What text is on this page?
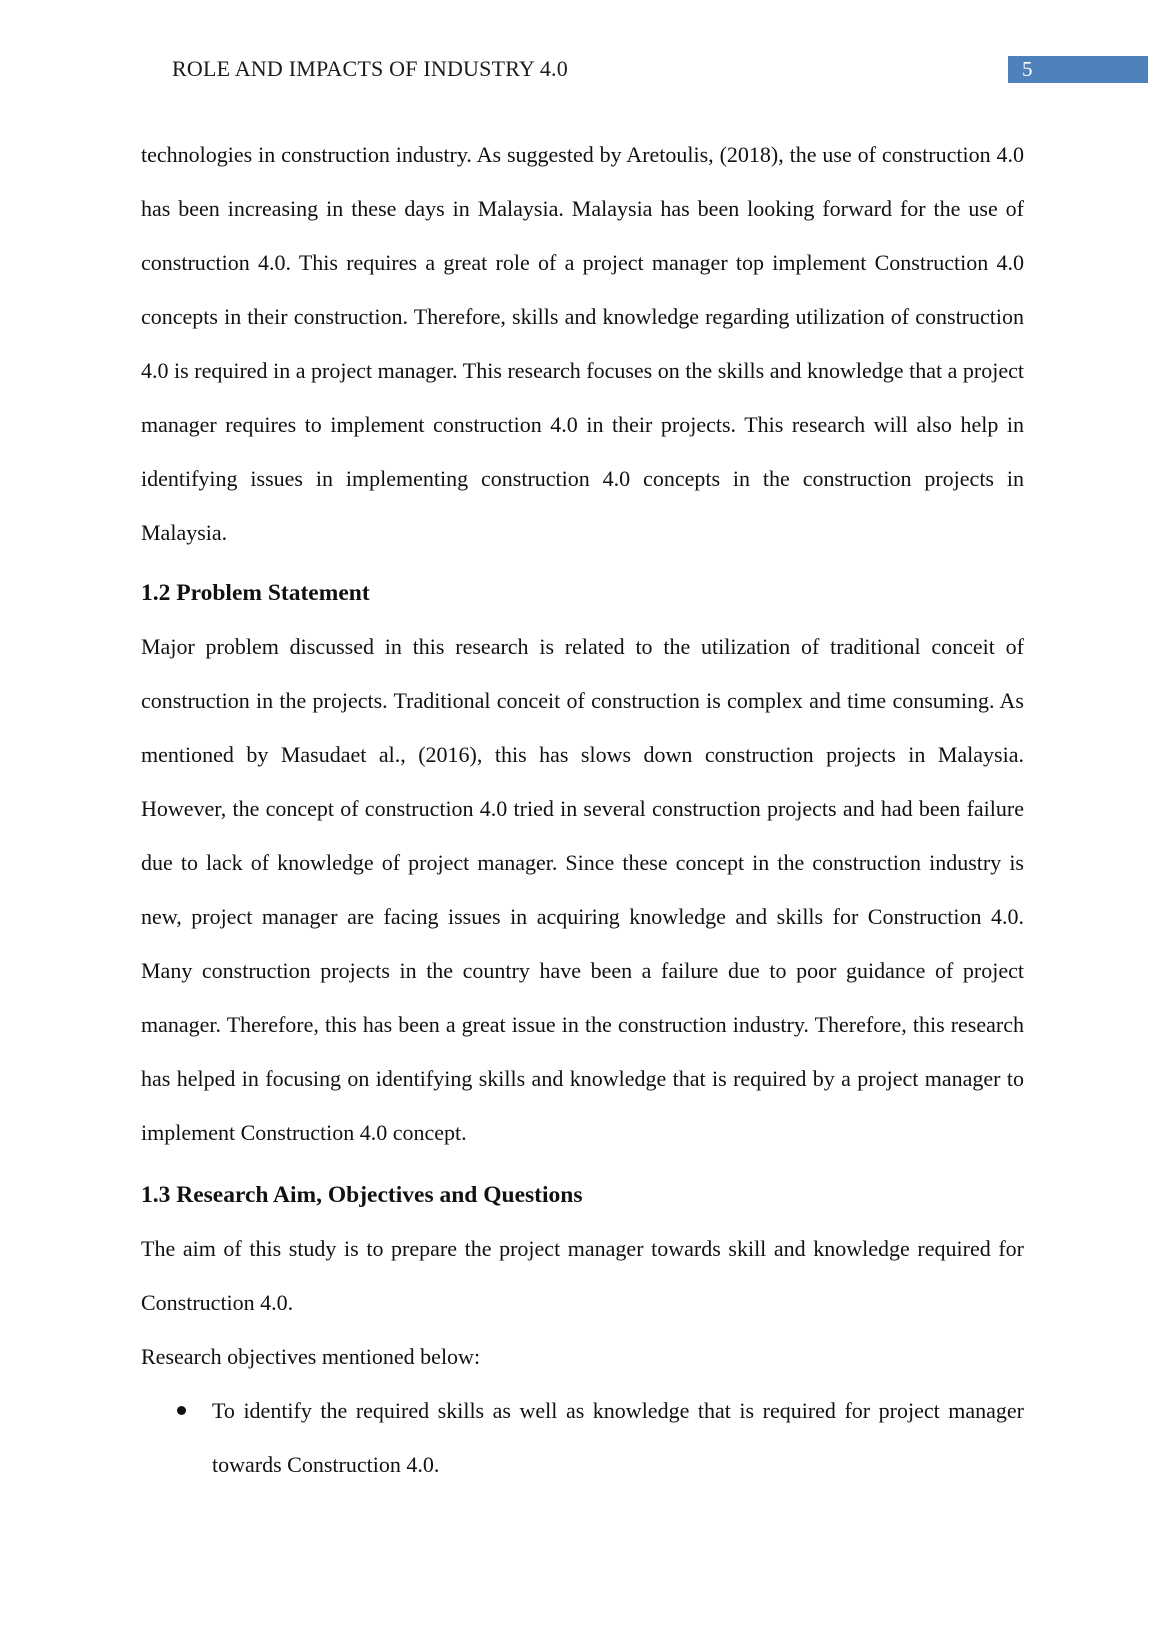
ROLE AND IMPACTS OF INDUSTRY 4.0	5

technologies in construction industry. As suggested by Aretoulis, (2018), the use of construction 4.0 has been increasing in these days in Malaysia. Malaysia has been looking forward for the use of construction 4.0. This requires a great role of a project manager top implement Construction 4.0 concepts in their construction. Therefore, skills and knowledge regarding utilization of construction 4.0 is required in a project manager. This research focuses on the skills and knowledge that a project manager requires to implement construction 4.0 in their projects. This research will also help in identifying issues in implementing construction 4.0 concepts in the construction projects in Malaysia.

1.2 Problem Statement

Major problem discussed in this research is related to the utilization of traditional conceit of construction in the projects. Traditional conceit of construction is complex and time consuming. As mentioned by Masudaet al., (2016), this has slows down construction projects in Malaysia. However, the concept of construction 4.0 tried in several construction projects and had been failure due to lack of knowledge of project manager. Since these concept in the construction industry is new, project manager are facing issues in acquiring knowledge and skills for Construction 4.0. Many construction projects in the country have been a failure due to poor guidance of project manager. Therefore, this has been a great issue in the construction industry. Therefore, this research has helped in focusing on identifying skills and knowledge that is required by a project manager to implement Construction 4.0 concept.

1.3 Research Aim, Objectives and Questions

The aim of this study is to prepare the project manager towards skill and knowledge required for Construction 4.0.

Research objectives mentioned below:

To identify the required skills as well as knowledge that is required for project manager towards Construction 4.0.
